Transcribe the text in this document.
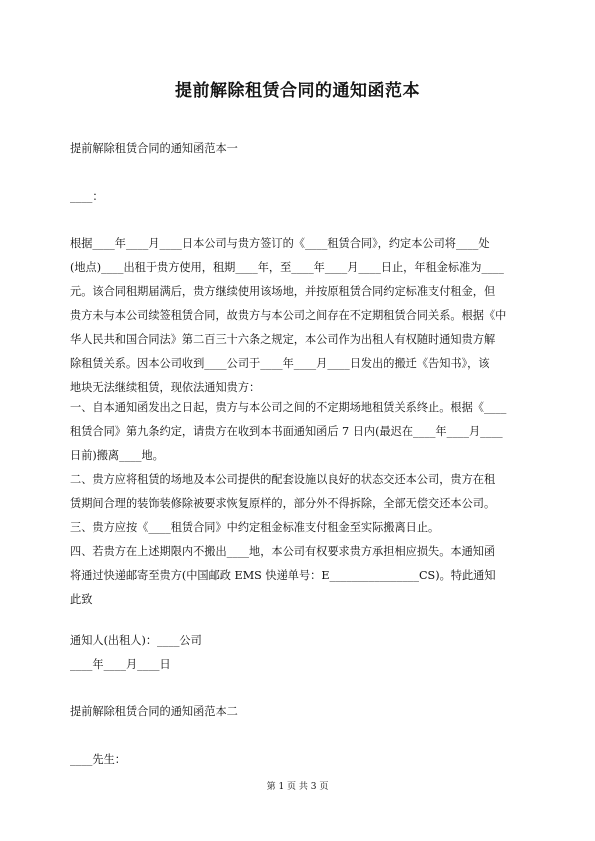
提前解除租赁合同的通知函范本
提前解除租赁合同的通知函范本一
____：
根据____年____月____日本公司与贵方签订的《____租赁合同》，约定本公司将____处
(地点)____出租于贵方使用，租期____年，至____年____月____日止，年租金标准为____
元。该合同租期届满后，贵方继续使用该场地，并按原租赁合同约定标准支付租金，但
贵方未与本公司续签租赁合同，故贵方与本公司之间存在不定期租赁合同关系。根据《中
华人民共和国合同法》第二百三十六条之规定，本公司作为出租人有权随时通知贵方解
除租赁关系。因本公司收到____公司于____年____月____日发出的搬迁《告知书》，该
地块无法继续租赁，现依法通知贵方：
一、自本通知函发出之日起，贵方与本公司之间的不定期场地租赁关系终止。根据《____
租赁合同》第九条约定，请贵方在收到本书面通知函后 7 日内(最迟在____年____月____
日前)搬离____地。
二、贵方应将租赁的场地及本公司提供的配套设施以良好的状态交还本公司，贵方在租
赁期间合理的装饰装修除被要求恢复原样的，部分外不得拆除，全部无偿交还本公司。
三、贵方应按《____租赁合同》中约定租金标准支付租金至实际搬离日止。
四、若贵方在上述期限内不搬出____地，本公司有权要求贵方承担相应损失。本通知函
将通过快递邮寄至贵方(中国邮政 EMS 快递单号：E________________CS)。特此通知
此致
通知人(出租人)：____公司
____年____月____日
提前解除租赁合同的通知函范本二
____先生：
第 1 页 共 3 页
